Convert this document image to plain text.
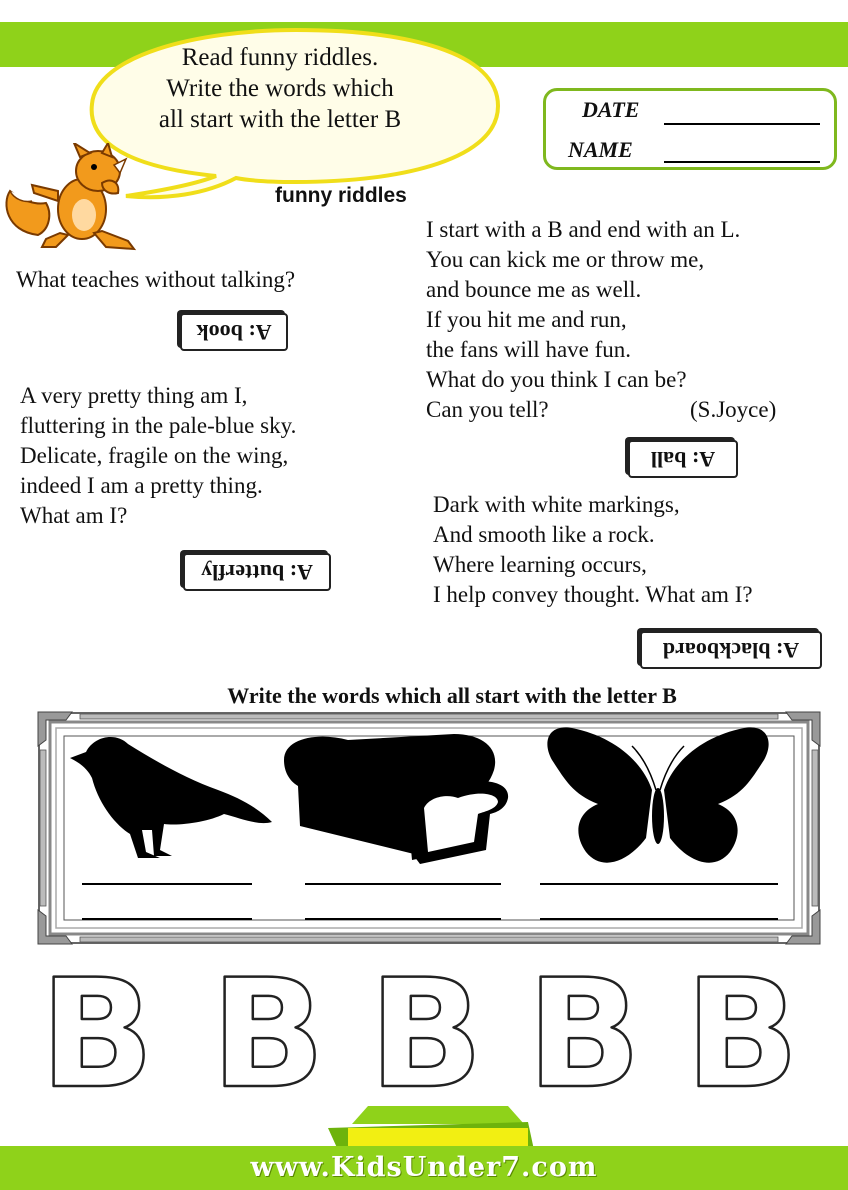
Read funny riddles.
Write the words which
all start with the letter B	DATE
NAME
funny riddles
What teaches without talking?
A: book
A very pretty thing am I,
fluttering in the pale-blue sky.
Delicate, fragile on the wing,
indeed I am a pretty thing.
What am I?
A: butterfly
I start with a B and end with an L.
You can kick me or throw me,
and bounce me as well.
If you hit me and run,
the fans will have fun.
What do you think I can be?
Can you tell?	(S.Joyce)
A: ball
Dark with white markings,
And smooth like a rock.
Where learning occurs,
I help convey thought. What am I?
A: blackboard
Write the words which all start with the letter B
B B B B B
www.KidsUnder7.com
